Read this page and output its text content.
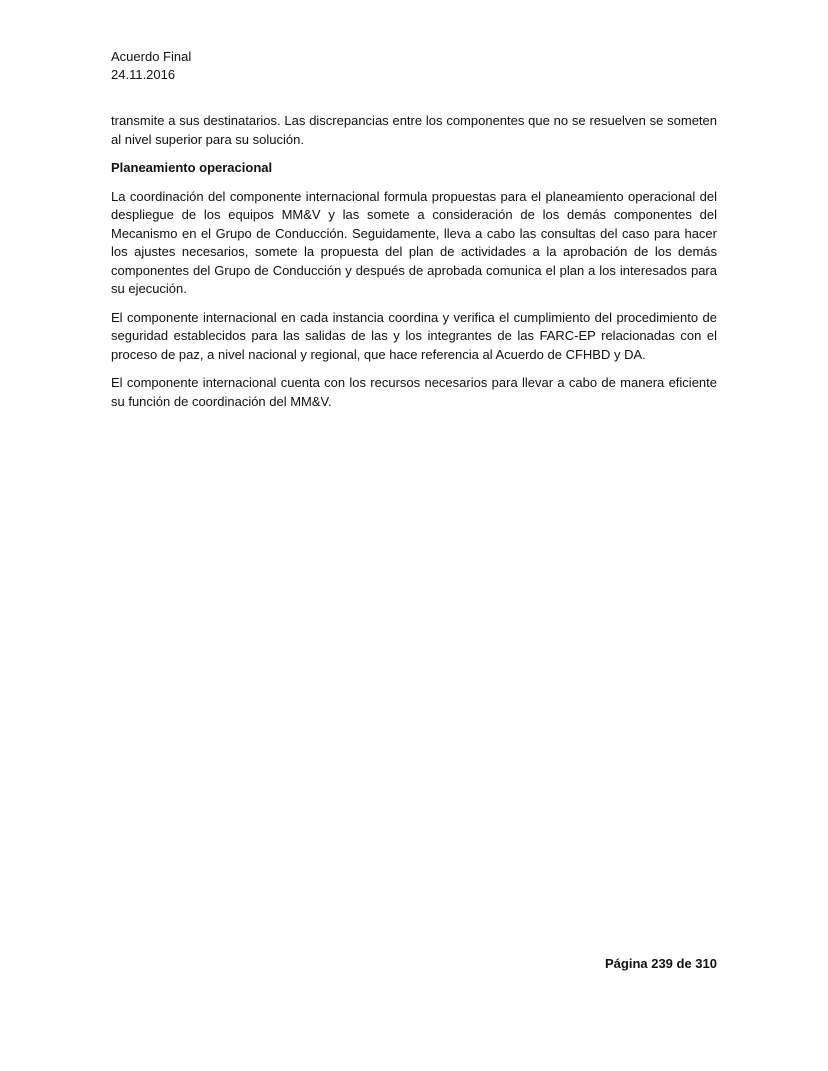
Acuerdo Final
24.11.2016

transmite a sus destinatarios. Las discrepancias entre los componentes que no se resuelven se someten al nivel superior para su solución.

Planeamiento operacional

La coordinación del componente internacional formula propuestas para el planeamiento operacional del despliegue de los equipos MM&V y las somete a consideración de los demás componentes del Mecanismo en el Grupo de Conducción. Seguidamente, lleva a cabo las consultas del caso para hacer los ajustes necesarios, somete la propuesta del plan de actividades a la aprobación de los demás componentes del Grupo de Conducción y después de aprobada comunica el plan a los interesados para su ejecución.

El componente internacional en cada instancia coordina y verifica el cumplimiento del procedimiento de seguridad establecidos para las salidas de las y los integrantes de las FARC-EP relacionadas con el proceso de paz, a nivel nacional y regional, que hace referencia al Acuerdo de CFHBD y DA.

El componente internacional cuenta con los recursos necesarios para llevar a cabo de manera eficiente su función de coordinación del MM&V.

Página 239 de 310
